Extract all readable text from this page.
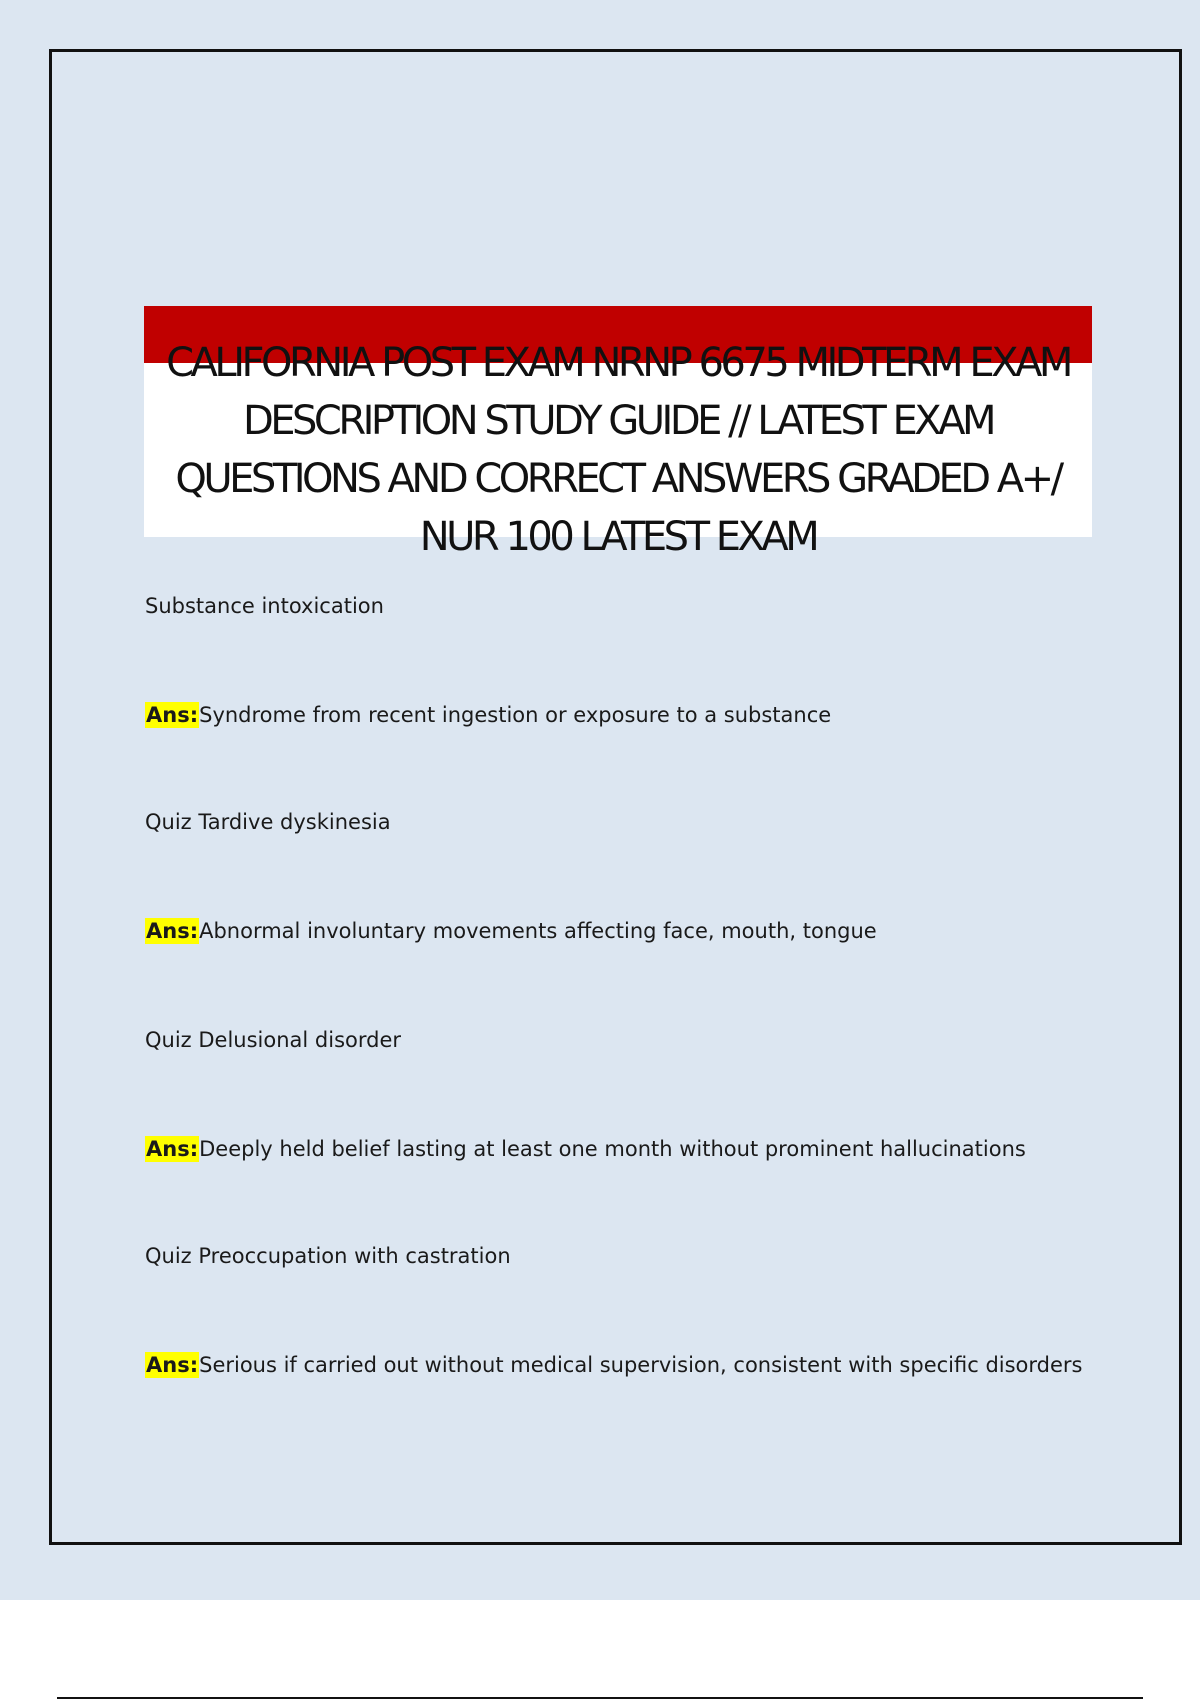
CALIFORNIA POST EXAM NRNP 6675 MIDTERM EXAM DESCRIPTION STUDY GUIDE // LATEST EXAM QUESTIONS AND CORRECT ANSWERS GRADED A+/ NUR 100 LATEST EXAM
Substance intoxication
Ans:Syndrome from recent ingestion or exposure to a substance
Quiz Tardive dyskinesia
Ans:Abnormal involuntary movements affecting face, mouth, tongue
Quiz Delusional disorder
Ans:Deeply held belief lasting at least one month without prominent hallucinations
Quiz Preoccupation with castration
Ans:Serious if carried out without medical supervision, consistent with specific disorders
